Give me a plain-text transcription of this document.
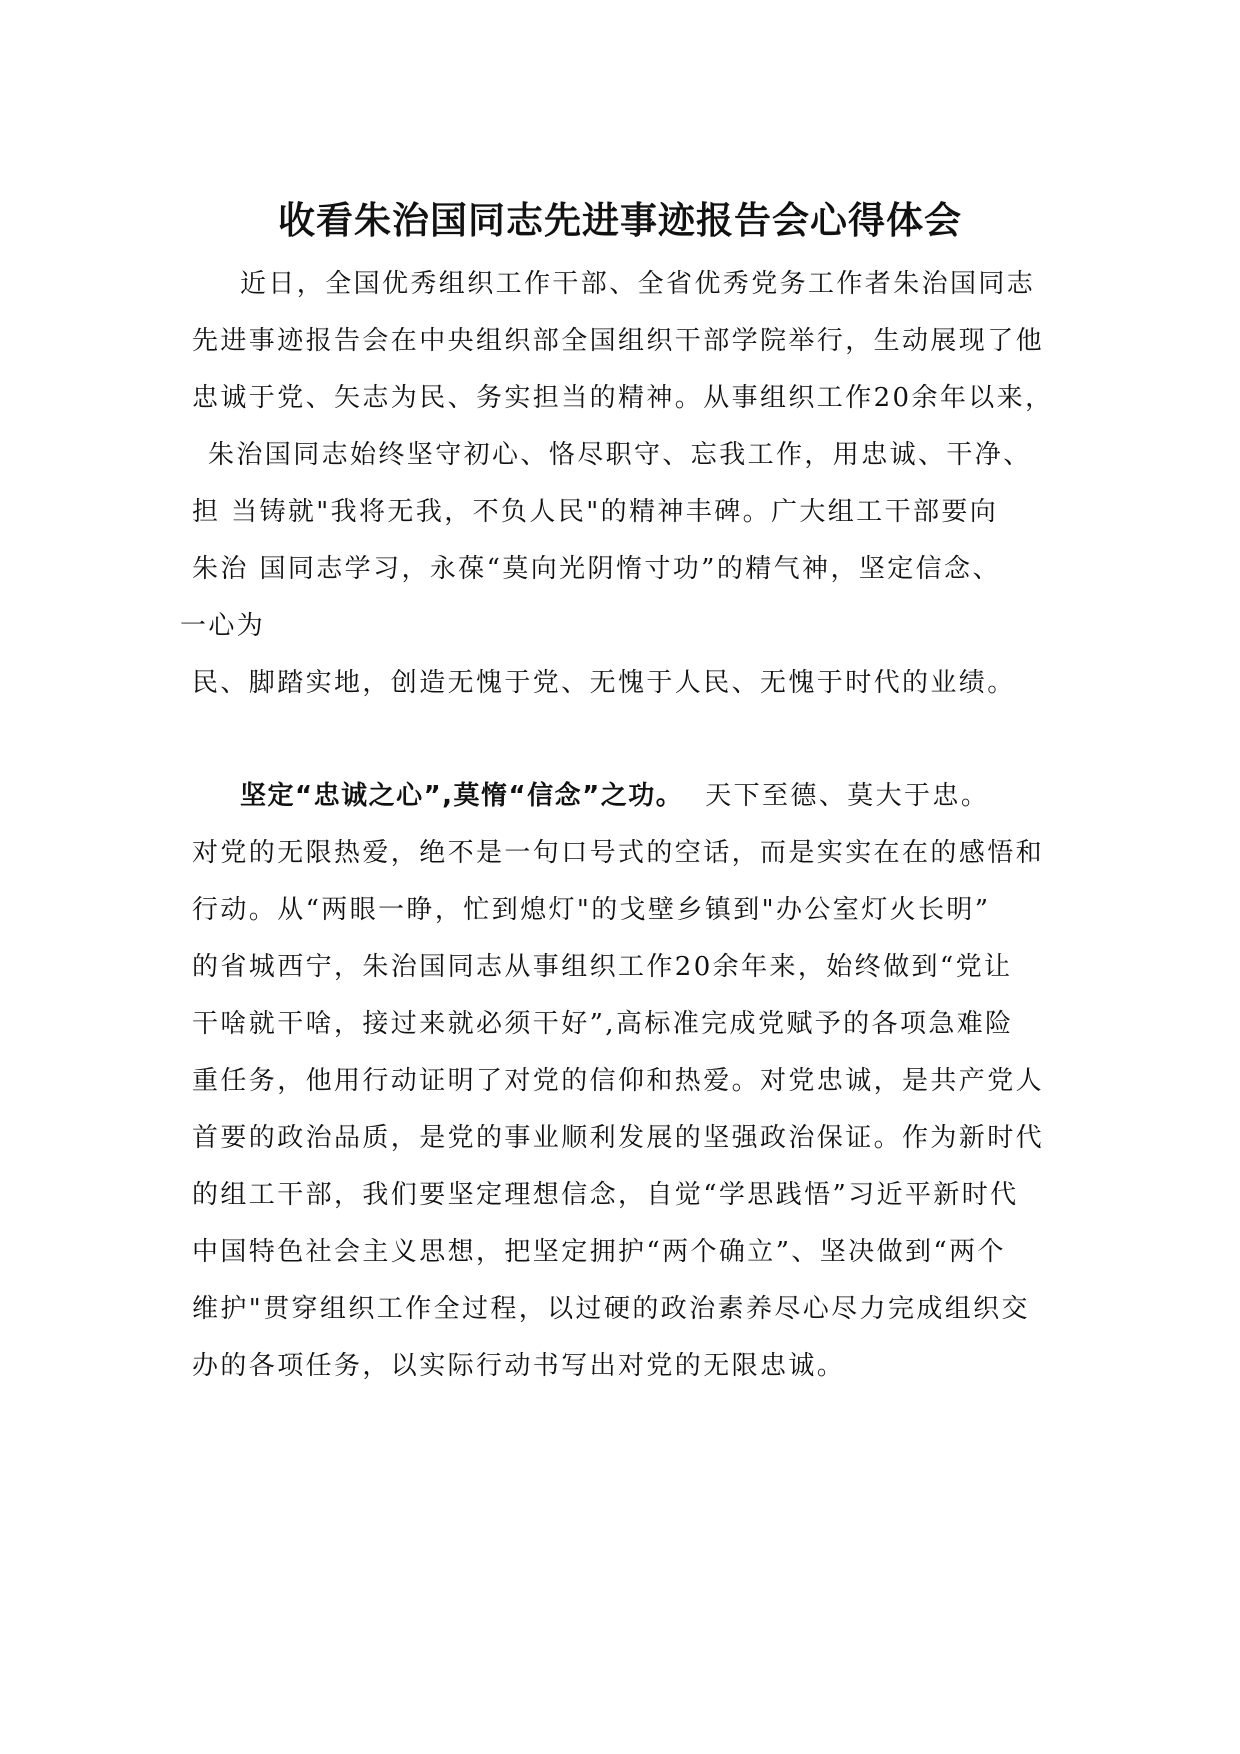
收看朱治国同志先进事迹报告会心得体会
近日，全国优秀组织工作干部、全省优秀党务工作者朱治国同志
先进事迹报告会在中央组织部全国组织干部学院举行，生动展现了他
忠诚于党、矢志为民、务实担当的精神。从事组织工作20余年以来，
朱治国同志始终坚守初心、恪尽职守、忘我工作，用忠诚、干净、
担 当铸就"我将无我，不负人民"的精神丰碑。广大组工干部要向
朱治 国同志学习，永葆“莫向光阴惰寸功”的精气神，坚定信念、
一心为
民、脚踏实地，创造无愧于党、无愧于人民、无愧于时代的业绩。
坚定“忠诚之心”,莫惰“信念”之功。 天下至德、莫大于忠。
对党的无限热爱，绝不是一句口号式的空话，而是实实在在的感悟和
行动。从“两眼一睁，忙到熄灯"的戈壁乡镇到"办公室灯火长明”
的省城西宁，朱治国同志从事组织工作20余年来，始终做到“党让
干啥就干啥，接过来就必须干好”,高标准完成党赋予的各项急难险
重任务，他用行动证明了对党的信仰和热爱。对党忠诚，是共产党人
首要的政治品质，是党的事业顺利发展的坚强政治保证。作为新时代
的组工干部，我们要坚定理想信念，自觉“学思践悟”习近平新时代
中国特色社会主义思想，把坚定拥护“两个确立”、坚决做到“两个
维护"贯穿组织工作全过程，以过硬的政治素养尽心尽力完成组织交
办的各项任务，以实际行动书写出对党的无限忠诚。
